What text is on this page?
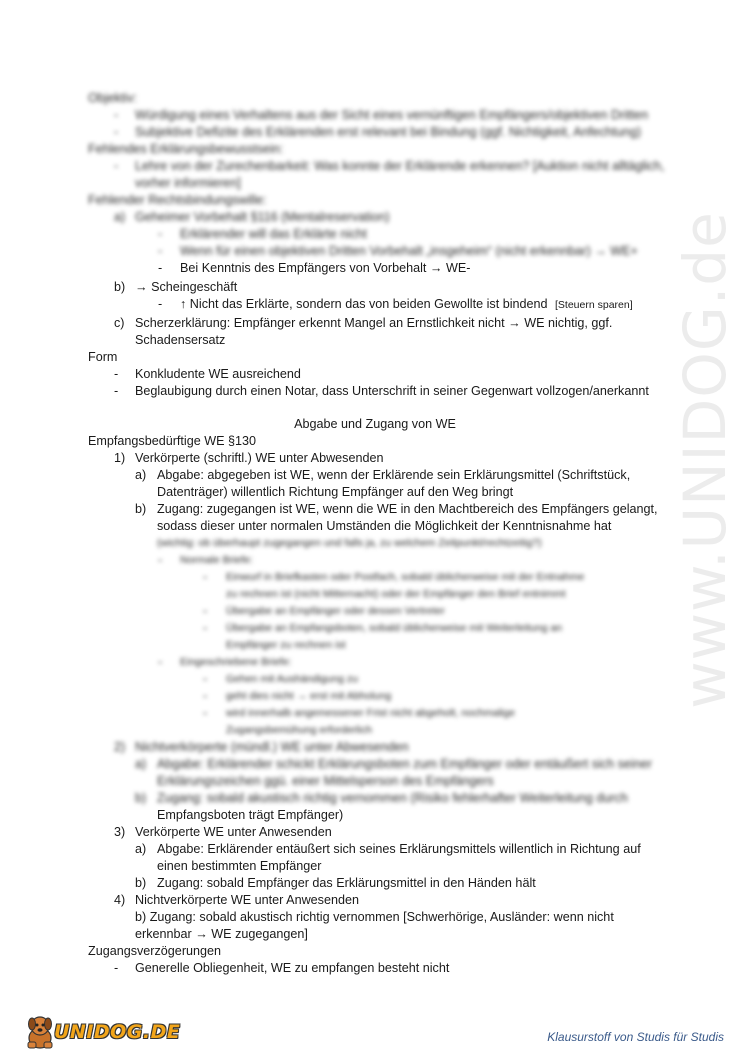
www.UNIDOG.de
Objektiv:
- Würdigung eines Verhaltens aus der Sicht eines vernünftigen Empfängers/objektiven Dritten
- Subjektive Defizite des Erklärenden erst relevant bei Bindung (ggf. Nichtigkeit, Anfechtung)
Fehlendes Erklärungsbewusstsein:
- Lehre von der Zurechenbarkeit: Was konnte der Erklärende erkennen? [Auktion nicht alltäglich,
vorher informieren]
Fehlender Rechtsbindungswille:
a) Geheimer Vorbehalt §116 (Mentalreservation)
- Erklärender will das Erklärte nicht
- Wenn für einen objektiven Dritten Vorbehalt „insgeheim“ (nicht erkennbar) → WE+
- Bei Kenntnis des Empfängers von Vorbehalt → WE-
b) → Scheingeschäft
- ↑ Nicht das Erklärte, sondern das von beiden Gewollte ist bindend [Steuern sparen]
c) Scherzerklärung: Empfänger erkennt Mangel an Ernstlichkeit nicht → WE nichtig, ggf.
Schadensersatz
Form
- Konkludente WE ausreichend
- Beglaubigung durch einen Notar, dass Unterschrift in seiner Gegenwart vollzogen/anerkannt
Abgabe und Zugang von WE
Empfangsbedürftige WE §130
1) Verkörperte (schriftl.) WE unter Abwesenden
a) Abgabe: abgegeben ist WE, wenn der Erklärende sein Erklärungsmittel (Schriftstück,
Datenträger) willentlich Richtung Empfänger auf den Weg bringt
b) Zugang: zugegangen ist WE, wenn die WE in den Machtbereich des Empfängers gelangt,
sodass dieser unter normalen Umständen die Möglichkeit der Kenntnisnahme hat
(wichtig: ob überhaupt zugegangen und falls ja, zu welchem Zeitpunkt/rechtzeitig?)
- Normale Briefe:
- Einwurf in Briefkasten oder Postfach, sobald üblicherweise mit der Entnahme
zu rechnen ist (nicht Mitternacht) oder der Empfänger den Brief entnimmt
- Übergabe an Empfänger oder dessen Vertreter
- Übergabe an Empfangsboten, sobald üblicherweise mit Weiterleitung an
Empfänger zu rechnen ist
- Eingeschriebene Briefe:
- Gehen mit Aushändigung zu
- geht dies nicht → erst mit Abholung
- wird innerhalb angemessener Frist nicht abgeholt, nochmalige
Zugangsbemühung erforderlich
2) Nichtverkörperte (mündl.) WE unter Abwesenden
a) Abgabe: Erklärender schickt Erklärungsboten zum Empfänger oder entäußert sich seiner
Erklärungszeichen ggü. einer Mittelsperson des Empfängers
b) Zugang: sobald akustisch richtig vernommen (Risiko fehlerhafter Weiterleitung durch
Empfangsboten trägt Empfänger)
3) Verkörperte WE unter Anwesenden
a) Abgabe: Erklärender entäußert sich seines Erklärungsmittels willentlich in Richtung auf
einen bestimmten Empfänger
b) Zugang: sobald Empfänger das Erklärungsmittel in den Händen hält
4) Nichtverkörperte WE unter Anwesenden
b) Zugang: sobald akustisch richtig vernommen [Schwerhörige, Ausländer: wenn nicht
erkennbar → WE zugegangen]
Zugangsverzögerungen
- Generelle Obliegenheit, WE zu empfangen besteht nicht
UNIDOG.DE	Klausurstoff von Studis für Studis
